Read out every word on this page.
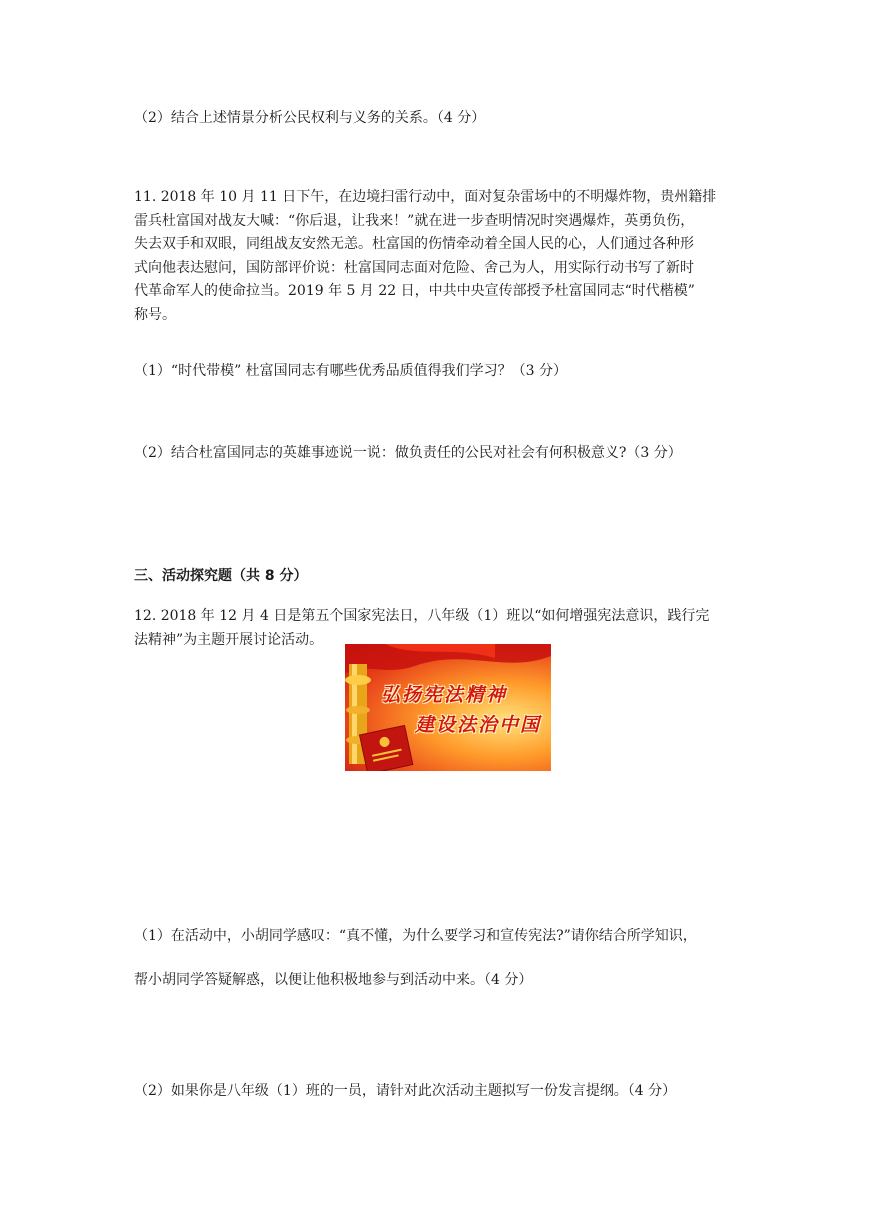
（2）结合上述情景分析公民权利与义务的关系。（4 分）
11. 2018 年 10 月 11 日下午，在边境扫雷行动中，面对复杂雷场中的不明爆炸物，贵州籍排
雷兵杜富国对战友大喊：“你后退，让我来！”就在进一步查明情况时突遇爆炸，英勇负伤，
失去双手和双眼，同组战友安然无恙。杜富国的伤情牵动着全国人民的心，人们通过各种形
式向他表达慰问，国防部评价说：杜富国同志面对危险、舍己为人，用实际行动书写了新时
代革命军人的使命拉当。2019 年 5 月 22 日，中共中央宣传部授予杜富国同志“时代楷模”
称号。
（1）“时代带模” 杜富国同志有哪些优秀品质值得我们学习？（3 分）
（2）结合杜富国同志的英雄事迹说一说：做负责任的公民对社会有何积极意义?（3 分）
三、活动探究题（共 8 分）
12. 2018 年 12 月 4 日是第五个国家宪法日，八年级（1）班以“如何增强宪法意识，践行完
法精神”为主题开展讨论活动。
弘扬宪法精神
建设法治中国
（1）在活动中，小胡同学感叹：“真不懂，为什么要学习和宣传宪法?”请你结合所学知识，
帮小胡同学答疑解惑，以便让他积极地参与到活动中来。（4 分）
（2）如果你是八年级（1）班的一员，请针对此次活动主题拟写一份发言提纲。（4 分）
